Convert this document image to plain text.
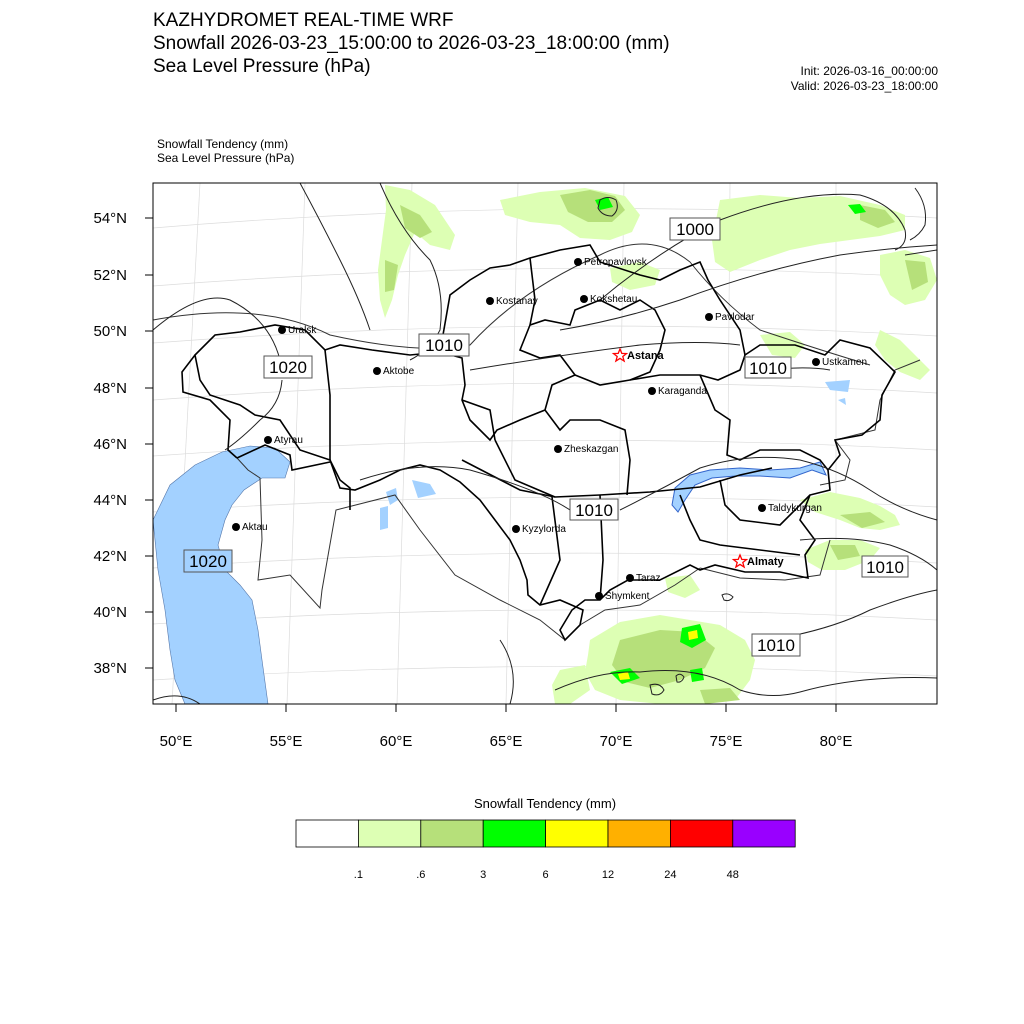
KAZHYDROMET REAL-TIME WRF
Snowfall 2026-03-23_15:00:00 to 2026-03-23_18:00:00 (mm)
Sea Level Pressure (hPa)	Init: 2026-03-16_00:00:00
Valid: 2026-03-23_18:00:00
Snowfall Tendency (mm)
Sea Level Pressure (hPa)
1000
1010
1020	1010
1010
1020	1010
1010
Petropavlovsk
Kostanay	Kokshetau
Pavlodar
Uralsk
Aktobe
Ustkamen
Karaganda
Atyrau
Zheskazgan
Taldykurgan
Aktau	Kyzylorda
Taraz
Shymkent
Astana
Almaty
54°N
52°N
50°N
48°N
46°N
44°N
42°N
40°N
38°N
50°E	55°E	60°E	65°E	70°E	75°E	80°E
Snowfall Tendency (mm)
.1	.6	3	6	12	24	48
